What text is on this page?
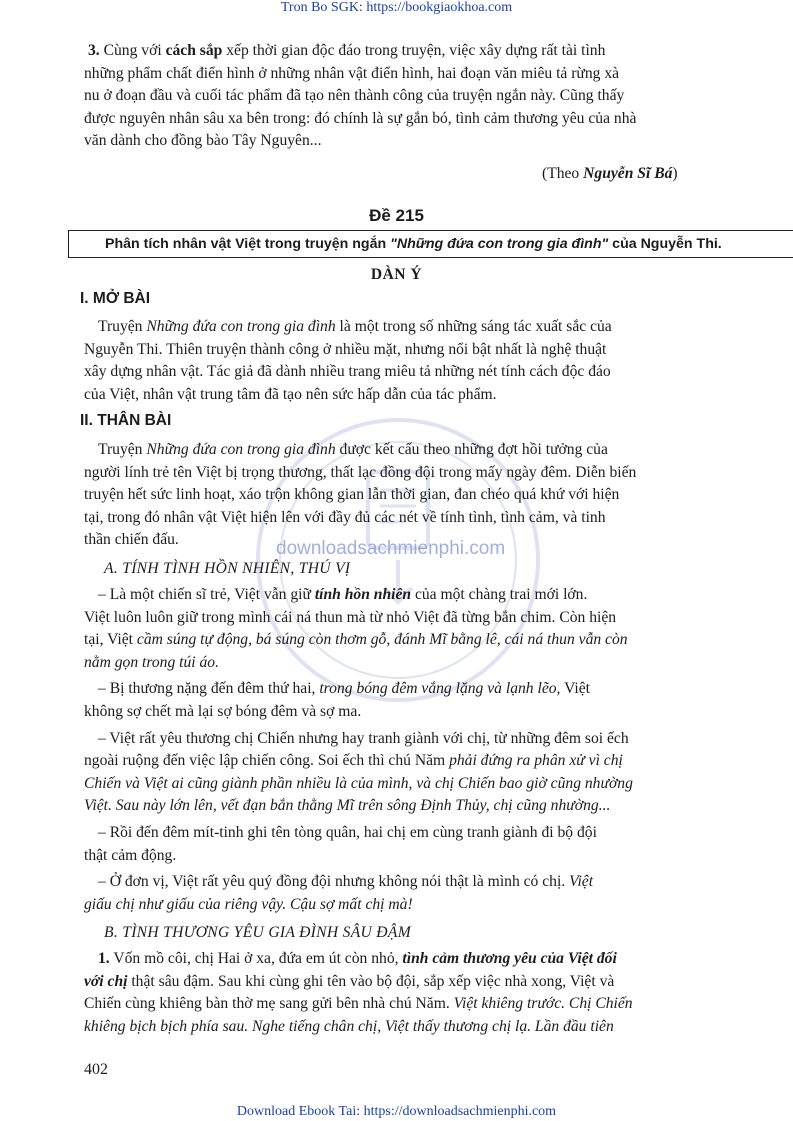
Tron Bo SGK: https://bookgiaokhoa.com
Download Ebook Tai: https://downloadsachmienphi.com
downloadsachmienphi.com

3. Cùng với cách sắp xếp thời gian độc đáo trong truyện, việc xây dựng rất tài tình

những phẩm chất điển hình ở những nhân vật điển hình, hai đoạn văn miêu tả rừng xà

nu ở đoạn đầu và cuối tác phẩm đã tạo nên thành công của truyện ngắn này. Cũng thấy

được nguyên nhân sâu xa bên trong: đó chính là sự gắn bó, tình cảm thương yêu của nhà

văn dành cho đồng bào Tây Nguyên...

(Theo Nguyễn Sĩ Bá)
Đề 215
Phân tích nhân vật Việt trong truyện ngắn "Những đứa con trong gia đình" của Nguyễn Thi.
DÀN Ý
I. MỞ BÀI

Truyện Những đứa con trong gia đình là một trong số những sáng tác xuất sắc của

Nguyễn Thi. Thiên truyện thành công ở nhiều mặt, nhưng nổi bật nhất là nghệ thuật

xây dựng nhân vật. Tác giả đã dành nhiều trang miêu tả những nét tính cách độc đáo

của Việt, nhân vật trung tâm đã tạo nên sức hấp dẫn của tác phẩm.

II. THÂN BÀI

Truyện Những đứa con trong gia đình được kết cấu theo những đợt hồi tưởng của

người lính trẻ tên Việt bị trọng thương, thất lạc đồng đội trong mấy ngày đêm. Diễn biến

truyện hết sức linh hoạt, xáo trộn không gian lẫn thời gian, đan chéo quá khứ với hiện

tại, trong đó nhân vật Việt hiện lên với đầy đủ các nét về tính tình, tình cảm, và tinh

thần chiến đấu.

A. TÍNH TÌNH HỒN NHIÊN, THÚ VỊ

– Là một chiến sĩ trẻ, Việt vẫn giữ tính hồn nhiên của một chàng trai mới lớn.

Việt luôn luôn giữ trong mình cái ná thun mà từ nhỏ Việt đã từng bắn chim. Còn hiện

tại, Việt cầm súng tự động, bá súng còn thơm gỗ, đánh Mĩ bằng lê, cái ná thun vẫn còn

nằm gọn trong túi áo.

– Bị thương nặng đến đêm thứ hai, trong bóng đêm vắng lặng và lạnh lẽo, Việt

không sợ chết mà lại sợ bóng đêm và sợ ma.

– Việt rất yêu thương chị Chiến nhưng hay tranh giành với chị, từ những đêm soi ếch

ngoài ruộng đến việc lập chiến công. Soi ếch thì chú Năm phải đứng ra phân xử vì chị

Chiến và Việt ai cũng giành phần nhiều là của mình, và chị Chiến bao giờ cũng nhường

Việt. Sau này lớn lên, vết đạn bắn thằng Mĩ trên sông Định Thủy, chị cũng nhường...

– Rồi đến đêm mít-tinh ghi tên tòng quân, hai chị em cùng tranh giành đi bộ đội

thật cảm động.

– Ở đơn vị, Việt rất yêu quý đồng đội nhưng không nói thật là mình có chị. Việt

giấu chị như giấu của riêng vậy. Cậu sợ mất chị mà!

B. TÌNH THƯƠNG YÊU GIA ĐÌNH SÂU ĐẬM

1. Vốn mồ côi, chị Hai ở xa, đứa em út còn nhỏ, tình cảm thương yêu của Việt đối

với chị thật sâu đậm. Sau khi cùng ghi tên vào bộ đội, sắp xếp việc nhà xong, Việt và

Chiến cùng khiêng bàn thờ mẹ sang gửi bên nhà chú Năm. Việt khiêng trước. Chị Chiến

khiêng bịch bịch phía sau. Nghe tiếng chân chị, Việt thấy thương chị lạ. Lần đầu tiên

402
